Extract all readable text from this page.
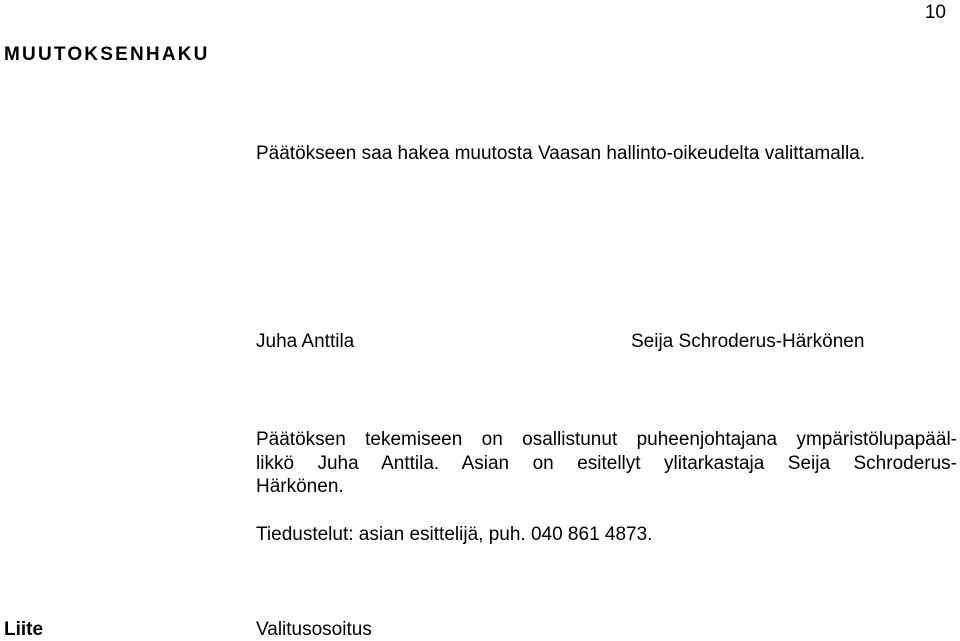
10
MUUTOKSENHAKU
Päätökseen saa hakea muutosta Vaasan hallinto-oikeudelta valittamalla.
Juha Anttila	Seija Schroderus-Härkönen
Päätöksen tekemiseen on osallistunut puheenjohtajana ympäristölupapääl-
likkö Juha Anttila. Asian on esitellyt ylitarkastaja Seija Schroderus-
Härkönen.
Tiedustelut: asian esittelijä, puh. 040 861 4873.
Liite	Valitusosoitus
